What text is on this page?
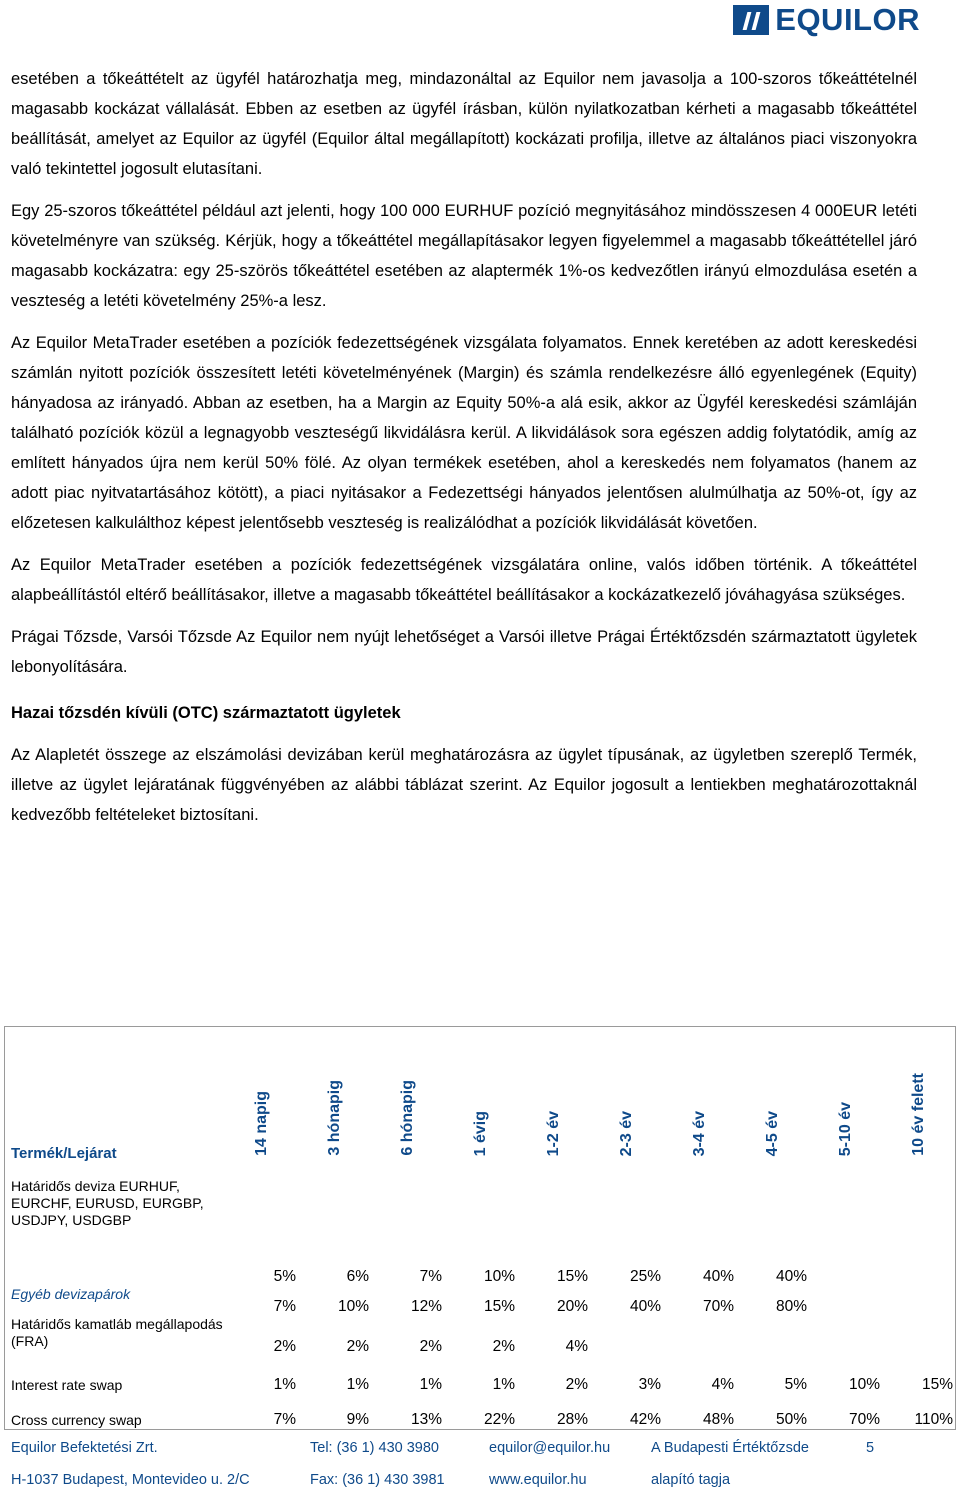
EQUILOR

esetében a tőkeáttételt az ügyfél határozhatja meg, mindazonáltal az Equilor nem javasolja a 100-szoros tőkeáttételnél magasabb kockázat vállalását. Ebben az esetben az ügyfél írásban, külön nyilatkozatban kérheti a magasabb tőkeáttétel beállítását, amelyet az Equilor az ügyfél (Equilor által megállapított) kockázati profilja, illetve az általános piaci viszonyokra való tekintettel jogosult elutasítani.

Egy 25-szoros tőkeáttétel például azt jelenti, hogy 100 000 EURHUF pozíció megnyitásához mindösszesen 4 000EUR letéti követelményre van szükség. Kérjük, hogy a tőkeáttétel megállapításakor legyen figyelemmel a magasabb tőkeáttétellel járó magasabb kockázatra: egy 25-szörös tőkeáttétel esetében az alaptermék 1%-os kedvezőtlen irányú elmozdulása esetén a veszteség a letéti követelmény 25%-a lesz.

Az Equilor MetaTrader esetében a pozíciók fedezettségének vizsgálata folyamatos. Ennek keretében az adott kereskedési számlán nyitott pozíciók összesített letéti követelményének (Margin) és számla rendelkezésre álló egyenlegének (Equity) hányadosa az irányadó. Abban az esetben, ha a Margin az Equity 50%-a alá esik, akkor az Ügyfél kereskedési számláján található pozíciók közül a legnagyobb veszteségű likvidálásra kerül. A likvidálások sora egészen addig folytatódik, amíg az említett hányados újra nem kerül 50% fölé. Az olyan termékek esetében, ahol a kereskedés nem folyamatos (hanem az adott piac nyitvatartásához kötött), a piaci nyitásakor a Fedezettségi hányados jelentősen alulmúlhatja az 50%-ot, így az előzetesen kalkulálthoz képest jelentősebb veszteség is realizálódhat a pozíciók likvidálását követően.

Az Equilor MetaTrader esetében a pozíciók fedezettségének vizsgálatára online, valós időben történik. A tőkeáttétel alapbeállítástól eltérő beállításakor, illetve a magasabb tőkeáttétel beállításakor a kockázatkezelő jóváhagyása szükséges.

Prágai Tőzsde, Varsói Tőzsde Az Equilor nem nyújt lehetőséget a Varsói illetve Prágai Értéktőzsdén származtatott ügyletek lebonyolítására.

Hazai tőzsdén kívüli (OTC) származtatott ügyletek

Az Alapletét összege az elszámolási devizában kerül meghatározásra az ügylet típusának, az ügyletben szereplő Termék, illetve az ügylet lejáratának függvényében az alábbi táblázat szerint. Az Equilor jogosult a lentiekben meghatározottaknál kedvezőbb feltételeket biztosítani.

Termék/Lejárat	14 napig	3 hónapig	6 hónapig	1 évig	1-2 év	2-3 év	3-4 év	4-5 év	5-10 év	10 év felett
Határidős deviza EURHUF, EURCHF, EURUSD, EURGBP, USDJPY, USDGBP	5%	6%	7%	10%	15%	25%	40%	40%		
Egyéb devizapárok	7%	10%	12%	15%	20%	40%	70%	80%		
Határidős kamatláb megállapodás (FRA)	2%	2%	2%	2%	4%					
Interest rate swap	1%	1%	1%	1%	2%	3%	4%	5%	10%	15%
Cross currency swap	7%	9%	13%	22%	28%	42%	48%	50%	70%	110%
Equilor Befektetési Zrt.	Tel: (36 1) 430 3980	equilor@equilor.hu	A Budapesti Értéktőzsde	5
H-1037 Budapest, Montevideo u. 2/C	Fax: (36 1) 430 3981	www.equilor.hu	alapító tagja
